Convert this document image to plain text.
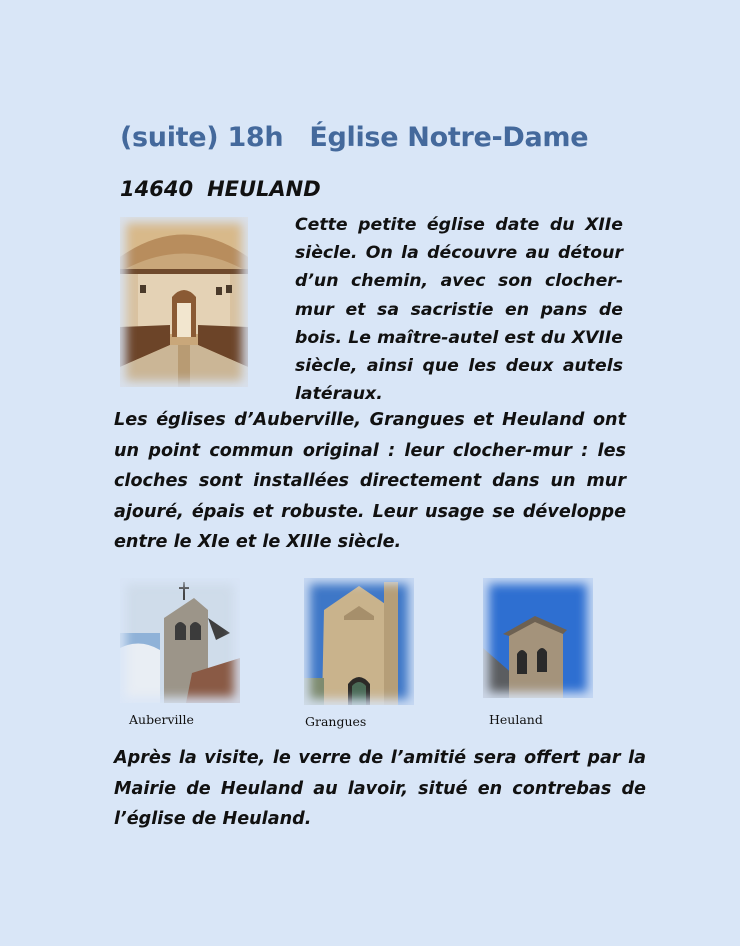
(suite) 18h Église Notre-Dame
14640 HEULAND

Cette petite église date du XIIe siècle. On la découvre au détour d’un chemin, avec son clocher-mur et sa sacristie en pans de bois. Le maître-autel est du XVIIe siècle, ainsi que les deux autels latéraux.

Les églises d’Auberville, Grangues et Heuland ont un point commun original : leur clocher-mur : les cloches sont installées directement dans un mur ajouré, épais et robuste. Leur usage se développe entre le XIe et le XIIIe siècle.

Auberville	Grangues	Heuland

Après la visite, le verre de l’amitié sera offert par la Mairie de Heuland au lavoir, situé en contrebas de l’église de Heuland.
